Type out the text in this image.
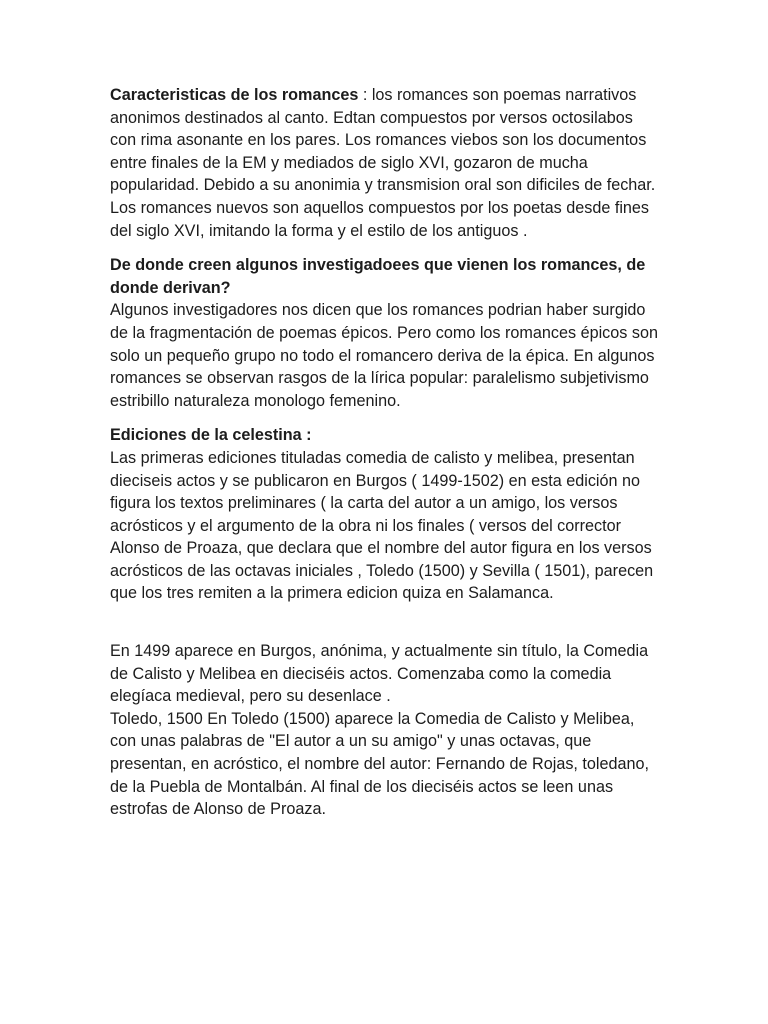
Caracteristicas de los romances : los romances son poemas narrativos anonimos destinados al canto. Edtan compuestos por versos octosilabos con rima asonante en los pares. Los romances viebos son los documentos entre finales de la EM y mediados de siglo XVI, gozaron de mucha popularidad. Debido a su anonimia y transmision oral son dificiles de fechar.
Los romances nuevos son aquellos compuestos por los poetas desde fines del siglo XVI, imitando la forma y el estilo de los antiguos .

De donde creen algunos investigadoees que vienen los romances, de donde derivan?
Algunos investigadores nos dicen que los romances podrian haber surgido de la fragmentación de poemas épicos. Pero como los romances épicos son solo un pequeño grupo no todo el romancero deriva de la épica. En algunos romances se observan rasgos de la lírica popular: paralelismo subjetivismo estribillo naturaleza monologo femenino.

Ediciones de la celestina :
Las primeras ediciones tituladas comedia de calisto y melibea, presentan dieciseis actos y se publicaron en Burgos ( 1499-1502) en esta edición no figura los textos preliminares ( la carta del autor a un amigo, los versos acrósticos y el argumento de la obra ni los finales ( versos del corrector Alonso de Proaza, que declara que el nombre del autor figura en los versos acrósticos de las octavas iniciales , Toledo (1500) y Sevilla ( 1501), parecen que los tres remiten a la primera edicion quiza en Salamanca.

En 1499 aparece en Burgos, anónima, y actualmente sin título, la Comedia de Calisto y Melibea en dieciséis actos. Comenzaba como la comedia elegíaca medieval, pero su desenlace .
Toledo, 1500 En Toledo (1500) aparece la Comedia de Calisto y Melibea, con unas palabras de "El autor a un su amigo" y unas octavas, que presentan, en acróstico, el nombre del autor: Fernando de Rojas, toledano, de la Puebla de Montalbán. Al final de los dieciséis actos se leen unas estrofas de Alonso de Proaza.
